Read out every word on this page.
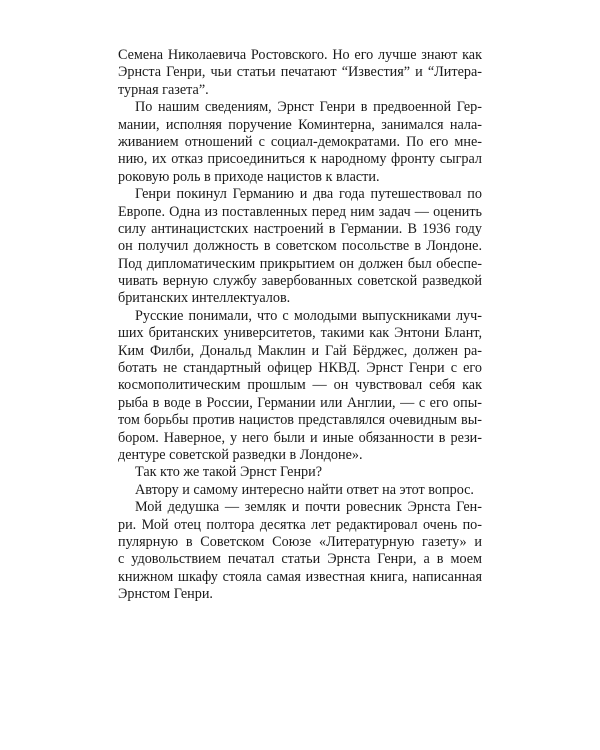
Семена Николаевича Ростовского. Но его лучше знают как
Эрнста Генри, чьи статьи печатают “Известия” и “Литера-
турная газета”.
По нашим сведениям, Эрнст Генри в предвоенной Гер-
мании, исполняя поручение Коминтерна, занимался нала-
живанием отношений с социал-демократами. По его мне-
нию, их отказ присоединиться к народному фронту сыграл
роковую роль в приходе нацистов к власти.
Генри покинул Германию и два года путешествовал по
Европе. Одна из поставленных перед ним задач — оценить
силу антинацистских настроений в Германии. В 1936 году
он получил должность в советском посольстве в Лондоне.
Под дипломатическим прикрытием он должен был обеспе-
чивать верную службу завербованных советской разведкой
британских интеллектуалов.
Русские понимали, что с молодыми выпускниками луч-
ших британских университетов, такими как Энтони Блант,
Ким Филби, Дональд Маклин и Гай Бёрджес, должен ра-
ботать не стандартный офицер НКВД. Эрнст Генри с его
космополитическим прошлым — он чувствовал себя как
рыба в воде в России, Германии или Англии, — с его опы-
том борьбы против нацистов представлялся очевидным вы-
бором. Наверное, у него были и иные обязанности в рези-
дентуре советской разведки в Лондоне».
Так кто же такой Эрнст Генри?
Автору и самому интересно найти ответ на этот вопрос.
Мой дедушка — земляк и почти ровесник Эрнста Ген-
ри. Мой отец полтора десятка лет редактировал очень по-
пулярную в Советском Союзе «Литературную газету» и
с удовольствием печатал статьи Эрнста Генри, а в моем
книжном шкафу стояла самая известная книга, написанная
Эрнстом Генри.
